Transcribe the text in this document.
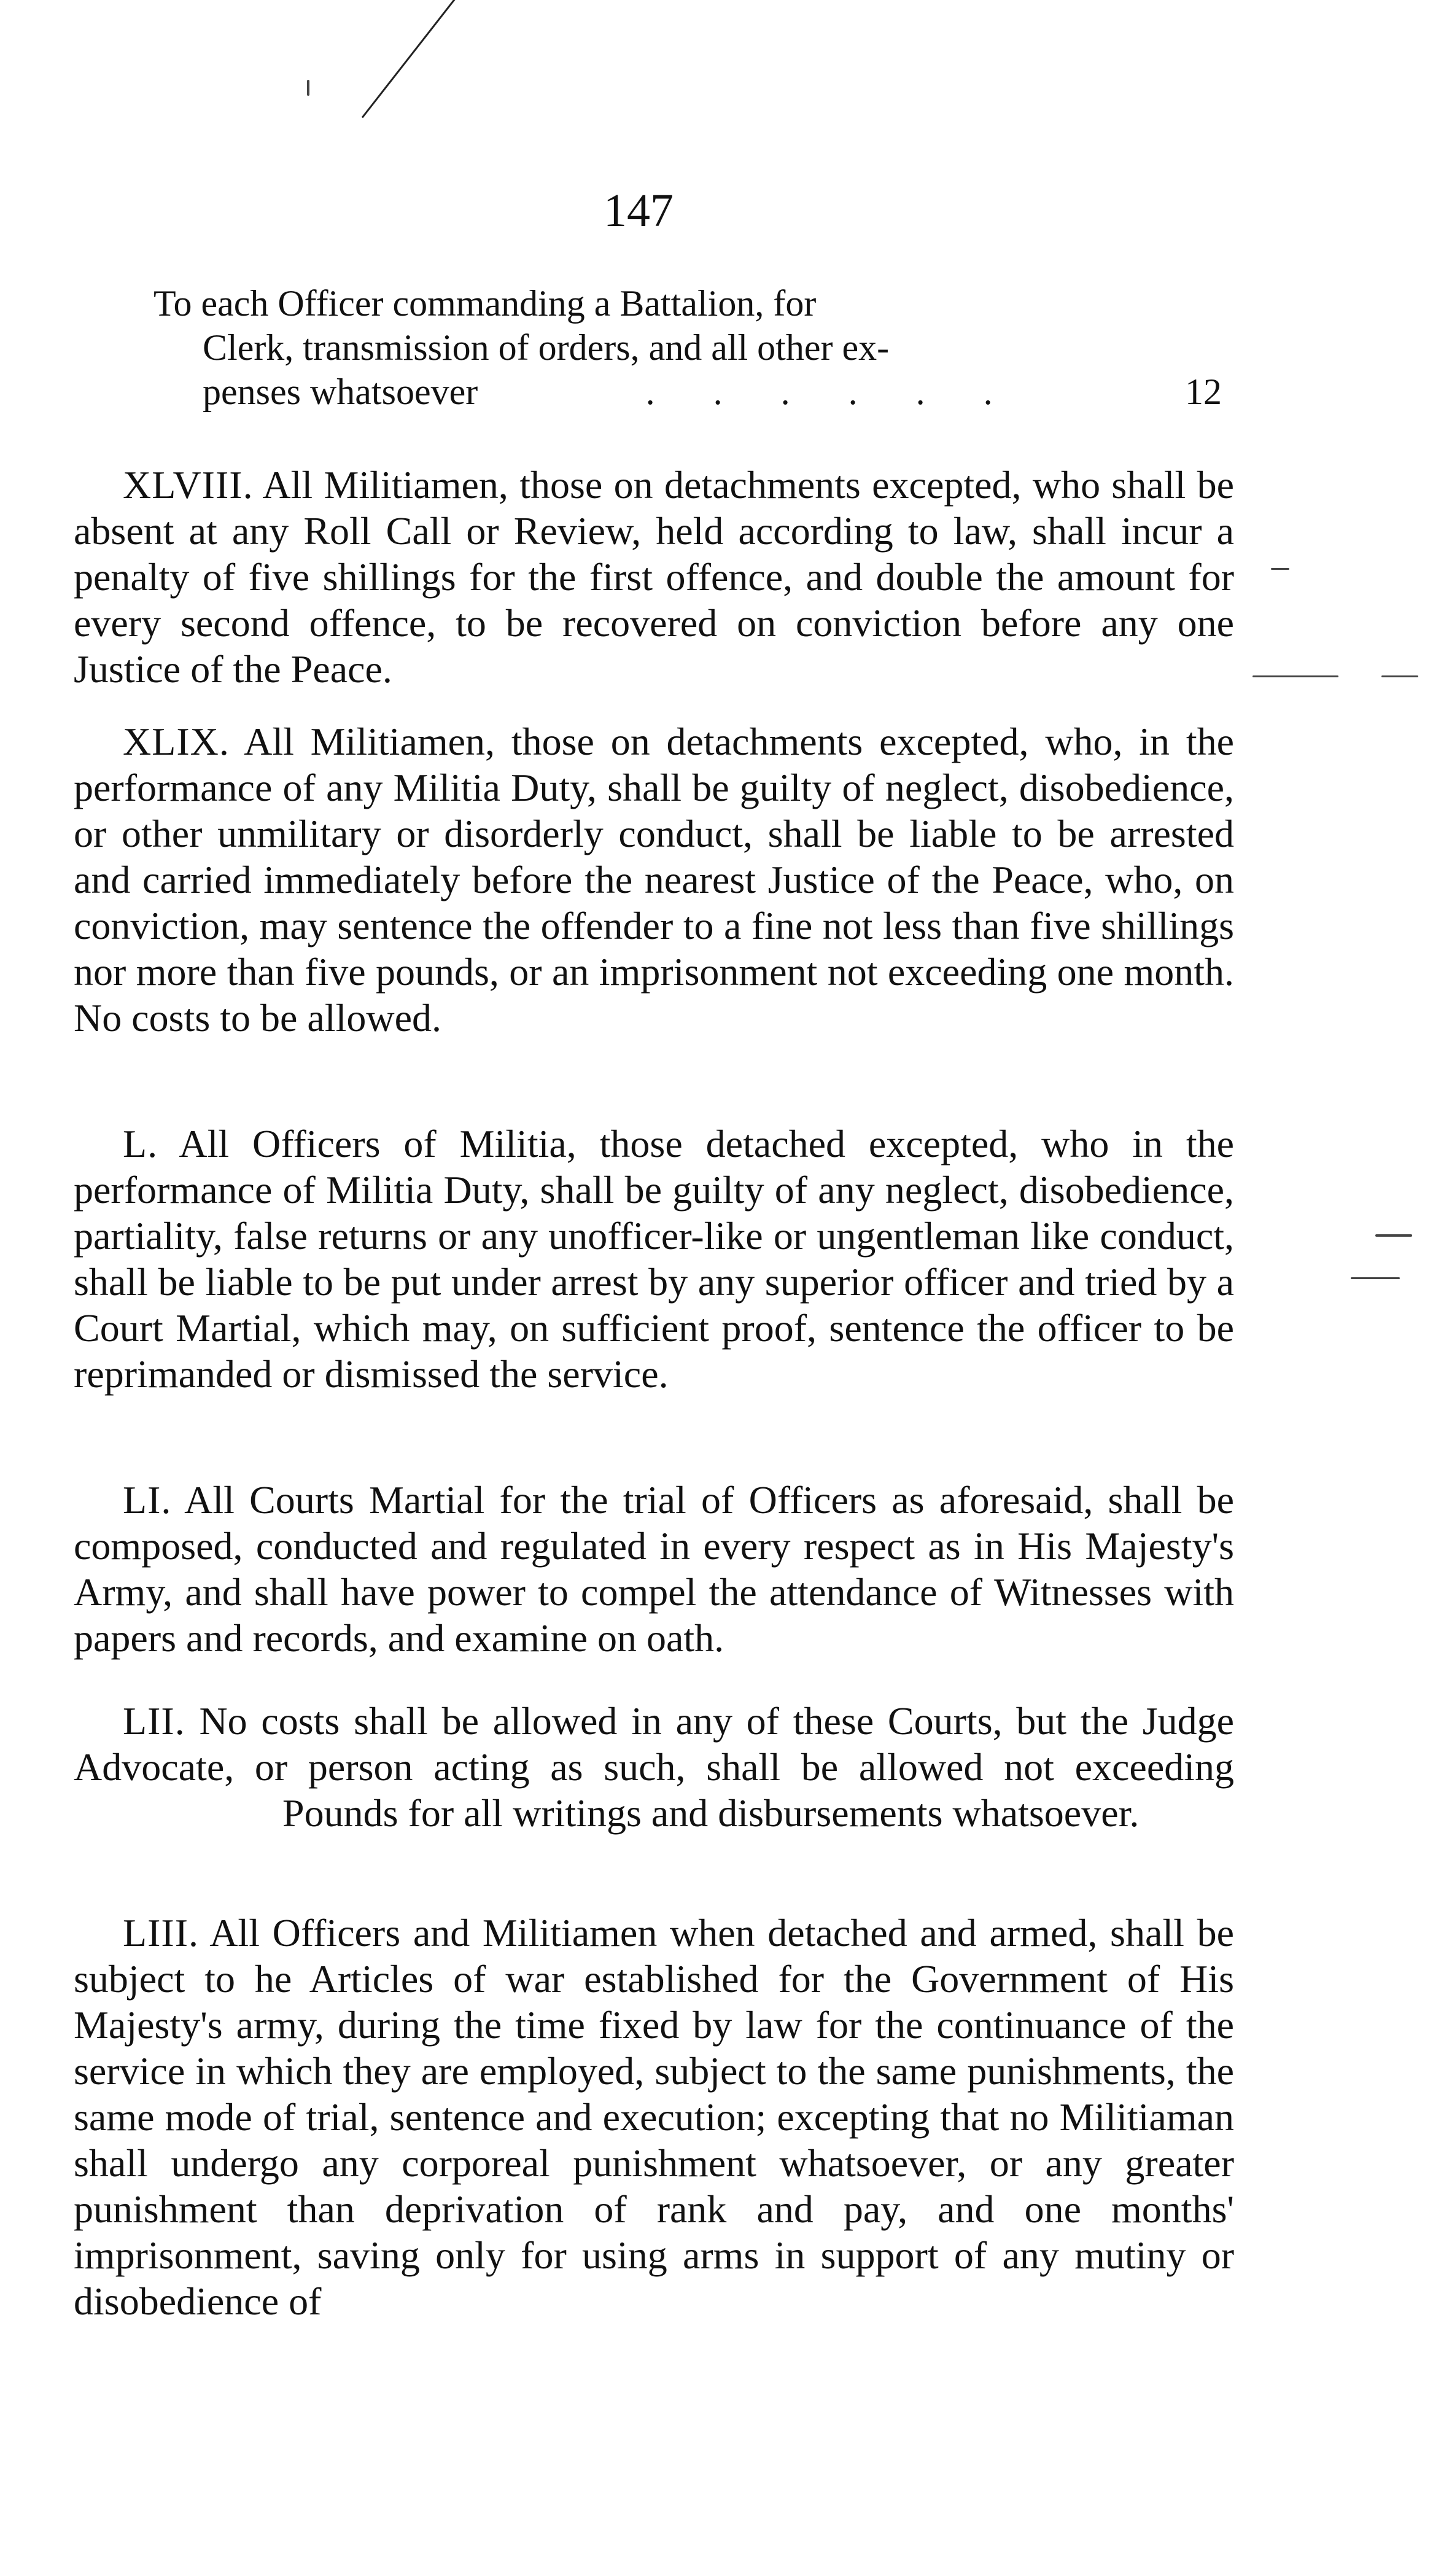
147
To each Officer commanding a Battalion, for
Clerk, transmission of orders, and all other ex-
penses whatsoever	. . . . . .	12

XLVIII. All Militiamen, those on detachments excepted, who shall be absent at any Roll Call or Review, held according to law, shall incur a penalty of five shillings for the first offence, and double the amount for every second offence, to be recovered on conviction before any one Justice of the Peace.

XLIX. All Militiamen, those on detachments excepted, who, in the performance of any Militia Duty, shall be guilty of neglect, disobedience, or other unmilitary or disorderly conduct, shall be liable to be arrested and carried immediately before the nearest Justice of the Peace, who, on conviction, may sentence the offender to a fine not less than five shillings nor more than five pounds, or an imprisonment not exceeding one month. No costs to be allowed.

L. All Officers of Militia, those detached excepted, who in the performance of Militia Duty, shall be guilty of any neglect, disobedience, partiality, false returns or any unofficer-like or ungentleman like conduct, shall be liable to be put under arrest by any superior officer and tried by a Court Martial, which may, on sufficient proof, sentence the officer to be reprimanded or dismissed the service.

LI. All Courts Martial for the trial of Officers as aforesaid, shall be composed, conducted and regulated in every respect as in His Majesty's Army, and shall have power to compel the attendance of Witnesses with papers and records, and examine on oath.

LII. No costs shall be allowed in any of these Courts, but the Judge Advocate, or person acting as such, shall be allowed not exceedingPounds for all writings and disbursements whatsoever.

LIII. All Officers and Militiamen when detached and armed, shall be subject to he Articles of war established for the Government of His Majesty's army, during the time fixed by law for the continuance of the service in which they are employed, subject to the same punishments, the same mode of trial, sentence and execution; excepting that no Militiaman shall undergo any corporeal punishment whatsoever, or any greater punishment than deprivation of rank and pay, and one months' imprisonment, saving only for using arms in support of any mutiny or disobedience of
